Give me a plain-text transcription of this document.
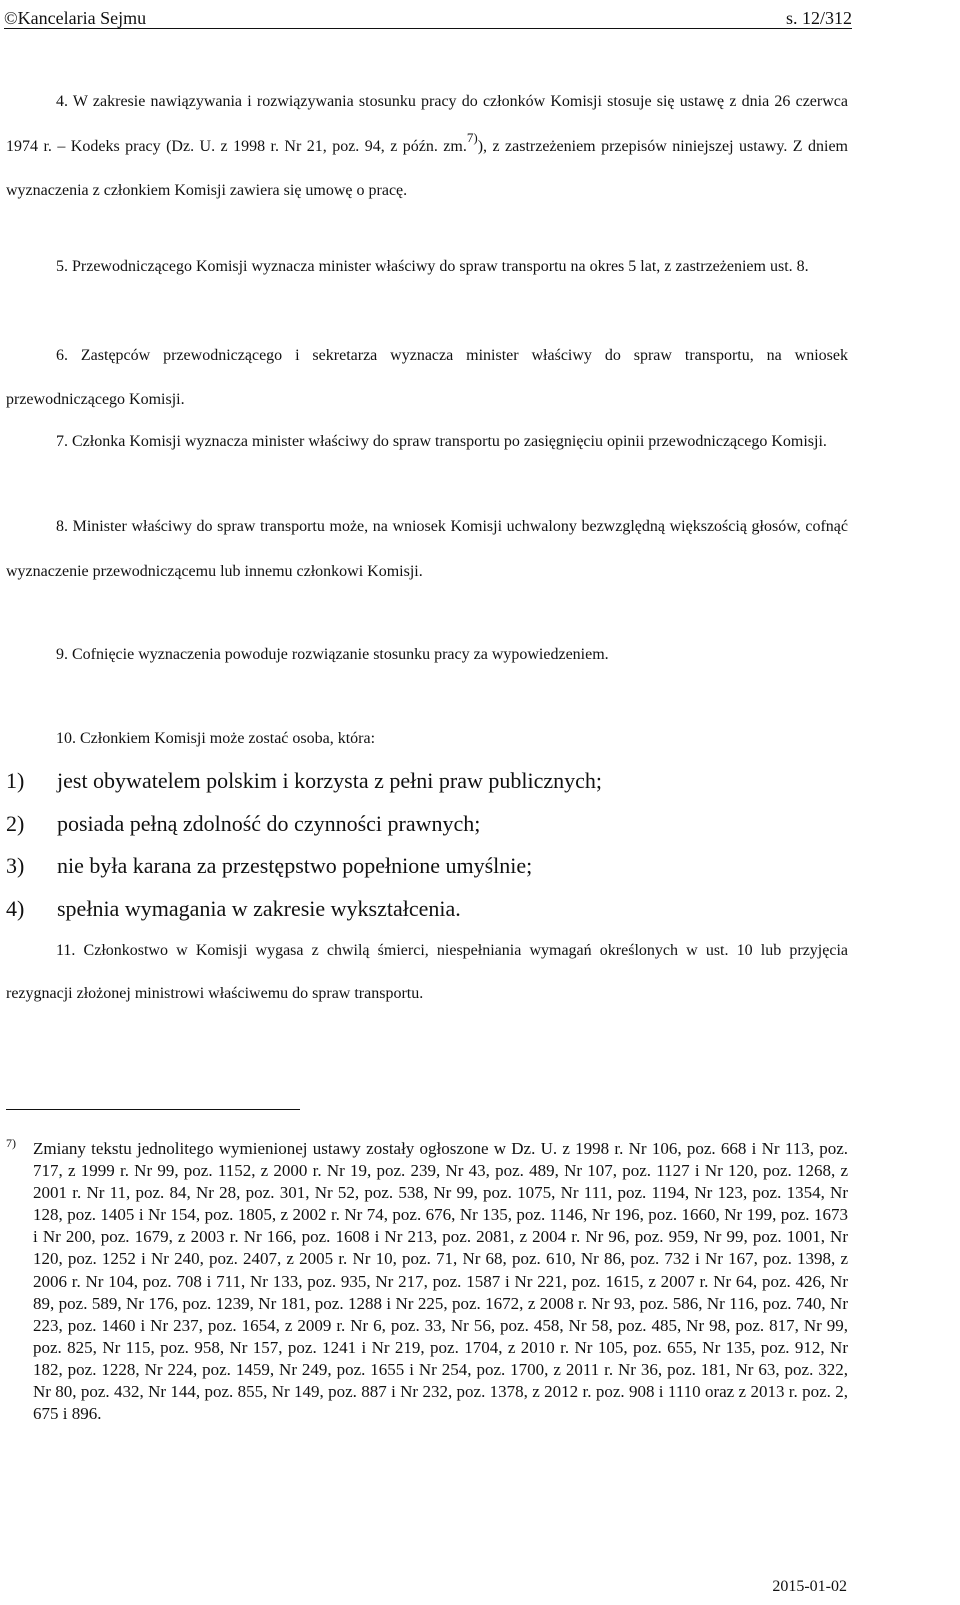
©Kancelaria Sejmu	s. 12/312

4. W zakresie nawiązywania i rozwiązywania stosunku pracy do członków Komisji stosuje się ustawę z dnia 26 czerwca 1974 r. – Kodeks pracy (Dz. U. z 1998 r. Nr 21, poz. 94, z późn. zm.$^{7)}$), z zastrzeżeniem przepisów niniejszej ustawy. Z dniem wyznaczenia z członkiem Komisji zawiera się umowę o pracę.

5. Przewodniczącego Komisji wyznacza minister właściwy do spraw transportu na okres 5 lat, z zastrzeżeniem ust. 8.

6. Zastępców przewodniczącego i sekretarza wyznacza minister właściwy do spraw transportu, na wniosek przewodniczącego Komisji.

7. Członka Komisji wyznacza minister właściwy do spraw transportu po zasięgnięciu opinii przewodniczącego Komisji.

8. Minister właściwy do spraw transportu może, na wniosek Komisji uchwalony bezwzględną większością głosów, cofnąć wyznaczenie przewodniczącemu lub innemu członkowi Komisji.

9. Cofnięcie wyznaczenia powoduje rozwiązanie stosunku pracy za wypowiedzeniem.

10. Członkiem Komisji może zostać osoba, która:

1) jest obywatelem polskim i korzysta z pełni praw publicznych;
2) posiada pełną zdolność do czynności prawnych;
3) nie była karana za przestępstwo popełnione umyślnie;
4) spełnia wymagania w zakresie wykształcenia.

11. Członkostwo w Komisji wygasa z chwilą śmierci, niespełniania wymagań określonych w ust. 10 lub przyjęcia rezygnacji złożonej ministrowi właściwemu do spraw transportu.

7) Zmiany tekstu jednolitego wymienionej ustawy zostały ogłoszone w Dz. U. z 1998 r. Nr 106, poz. 668 i Nr 113, poz. 717, z 1999 r. Nr 99, poz. 1152, z 2000 r. Nr 19, poz. 239, Nr 43, poz. 489, Nr 107, poz. 1127 i Nr 120, poz. 1268, z 2001 r. Nr 11, poz. 84, Nr 28, poz. 301, Nr 52, poz. 538, Nr 99, poz. 1075, Nr 111, poz. 1194, Nr 123, poz. 1354, Nr 128, poz. 1405 i Nr 154, poz. 1805, z 2002 r. Nr 74, poz. 676, Nr 135, poz. 1146, Nr 196, poz. 1660, Nr 199, poz. 1673 i Nr 200, poz. 1679, z 2003 r. Nr 166, poz. 1608 i Nr 213, poz. 2081, z 2004 r. Nr 96, poz. 959, Nr 99, poz. 1001, Nr 120, poz. 1252 i Nr 240, poz. 2407, z 2005 r. Nr 10, poz. 71, Nr 68, poz. 610, Nr 86, poz. 732 i Nr 167, poz. 1398, z 2006 r. Nr 104, poz. 708 i 711, Nr 133, poz. 935, Nr 217, poz. 1587 i Nr 221, poz. 1615, z 2007 r. Nr 64, poz. 426, Nr 89, poz. 589, Nr 176, poz. 1239, Nr 181, poz. 1288 i Nr 225, poz. 1672, z 2008 r. Nr 93, poz. 586, Nr 116, poz. 740, Nr 223, poz. 1460 i Nr 237, poz. 1654, z 2009 r. Nr 6, poz. 33, Nr 56, poz. 458, Nr 58, poz. 485, Nr 98, poz. 817, Nr 99, poz. 825, Nr 115, poz. 958, Nr 157, poz. 1241 i Nr 219, poz. 1704, z 2010 r. Nr 105, poz. 655, Nr 135, poz. 912, Nr 182, poz. 1228, Nr 224, poz. 1459, Nr 249, poz. 1655 i Nr 254, poz. 1700, z 2011 r. Nr 36, poz. 181, Nr 63, poz. 322, Nr 80, poz. 432, Nr 144, poz. 855, Nr 149, poz. 887 i Nr 232, poz. 1378, z 2012 r. poz. 908 i 1110 oraz z 2013 r. poz. 2, 675 i 896.
2015-01-02
